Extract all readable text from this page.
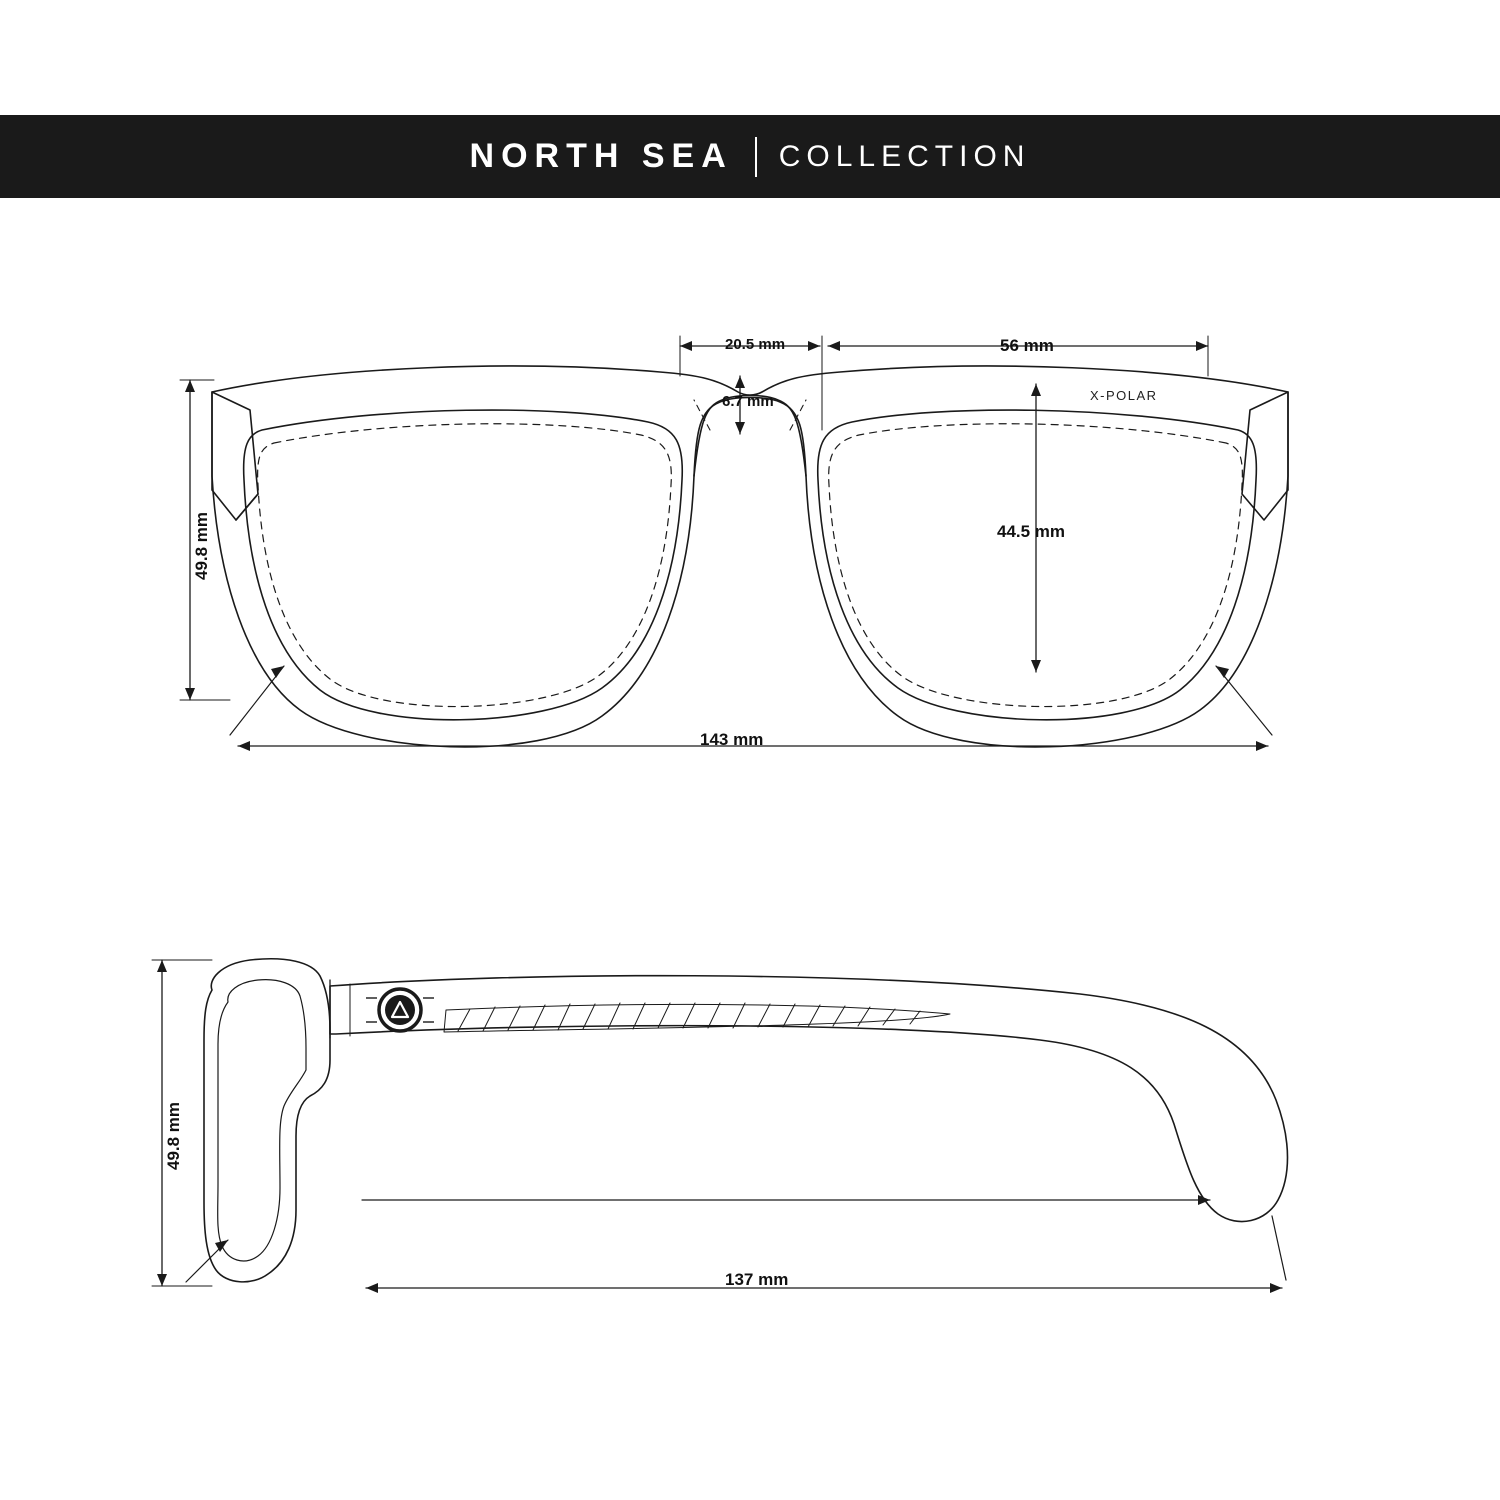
NORTH SEA COLLECTION
49.8 mm
143 mm
20.5 mm
6.7 mm
56 mm
44.5 mm
X-POLAR
49.8 mm
137 mm
